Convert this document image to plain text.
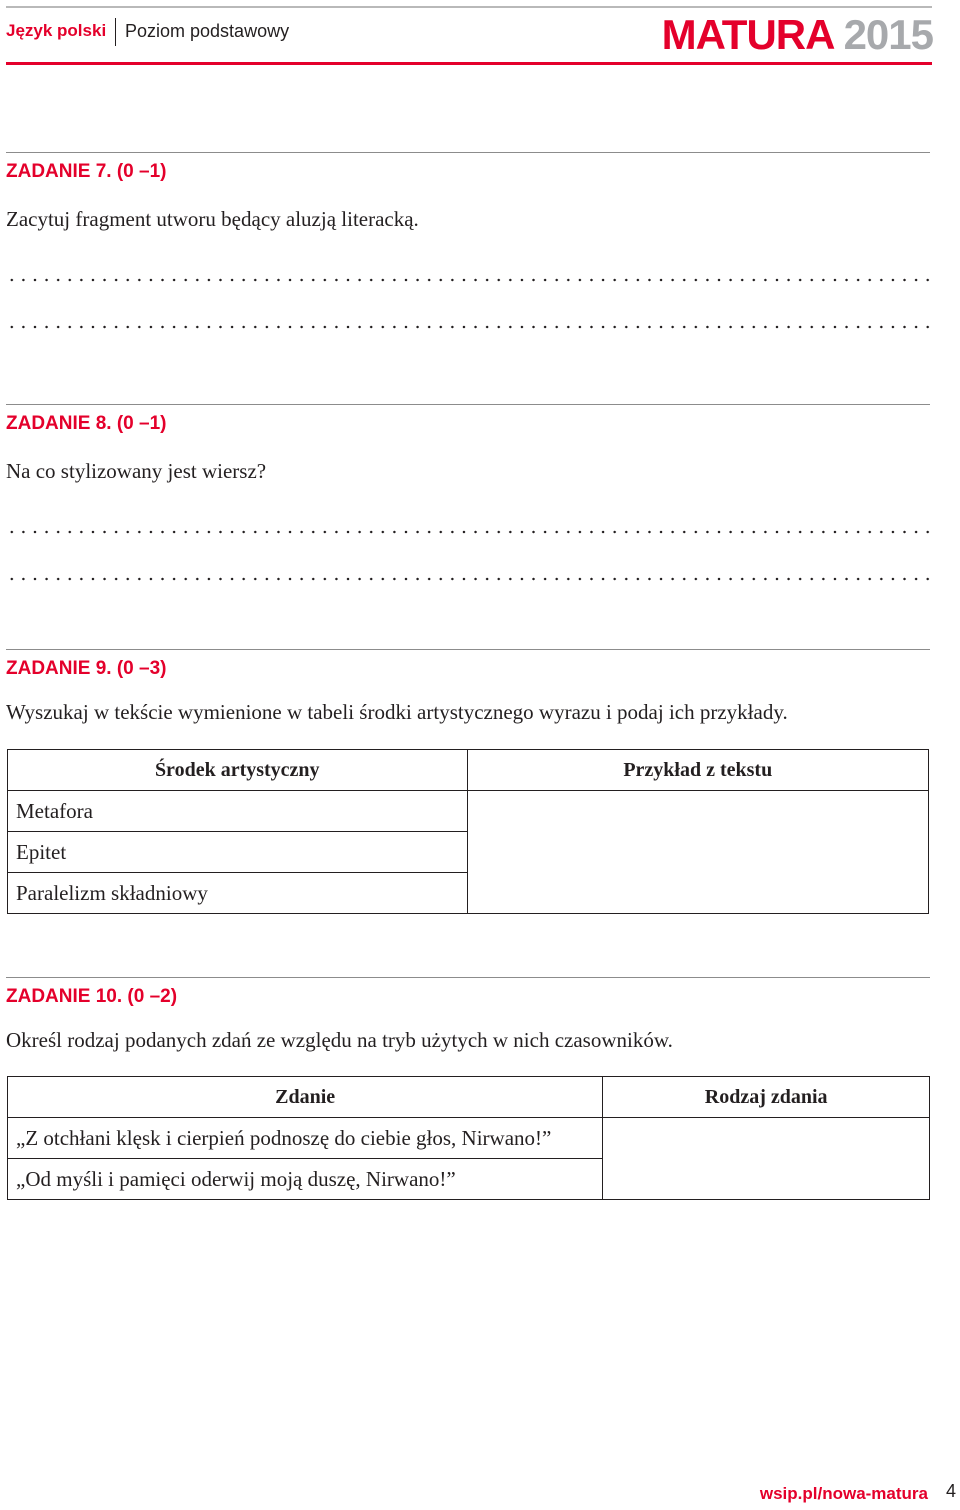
Język polski Poziom podstawowy	MATURA 2015
ZADANIE 7. (0 –1)
Zacytuj fragment utworu będący aluzją literacką.
ZADANIE 8. (0 –1)
Na co stylizowany jest wiersz?
ZADANIE 9. (0 –3)
Wyszukaj w tekście wymienione w tabeli środki artystycznego wyrazu i podaj ich przykłady.
Środek artystyczny	Przykład z tekstu
Metafora	
Epitet	
Paralelizm składniowy	
ZADANIE 10. (0 –2)
Określ rodzaj podanych zdań ze względu na tryb użytych w nich czasowników.
Zdanie	Rodzaj zdania
„Z otchłani klęsk i cierpień podnoszę do ciebie głos, Nirwano!”	
„Od myśli i pamięci oderwij moją duszę, Nirwano!”	
wsip.pl/nowa-matura 4
